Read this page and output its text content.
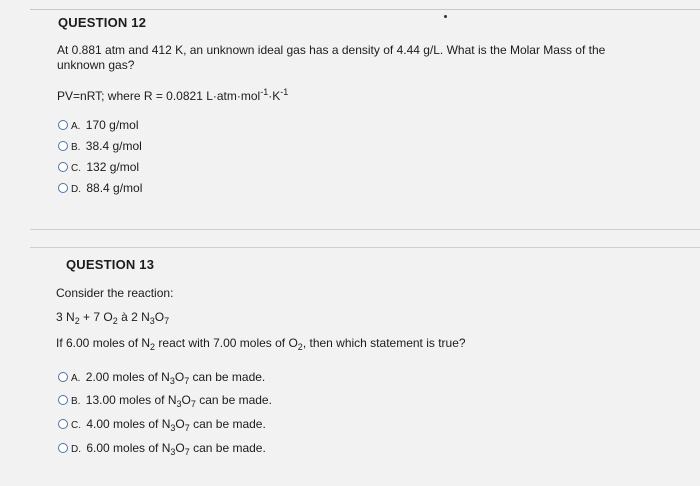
QUESTION 12
At 0.881 atm and 412 K, an unknown ideal gas has a density of 4.44 g/L. What is the Molar Mass of the
unknown gas?
PV=nRT; where R = 0.0821 $L\cdot atm\cdot mol^{-1}\cdot K^{-1}$
A. 170 g/mol
B. 38.4 g/mol
C. 132 g/mol
D. 88.4 g/mol
QUESTION 13
Consider the reaction:
3 $N_2 + 7$ $O_2$ à 2 $N_3O_7$
If 6.00 moles of $N_2$ react with 7.00 moles of $O_2$, then which statement is true?
A. 2.00 moles of $N_3O_7$ can be made.
B. 13.00 moles of $N_3O_7$ can be made.
C. 4.00 moles of $N_3O_7$ can be made.
D. 6.00 moles of $N_3O_7$ can be made.
